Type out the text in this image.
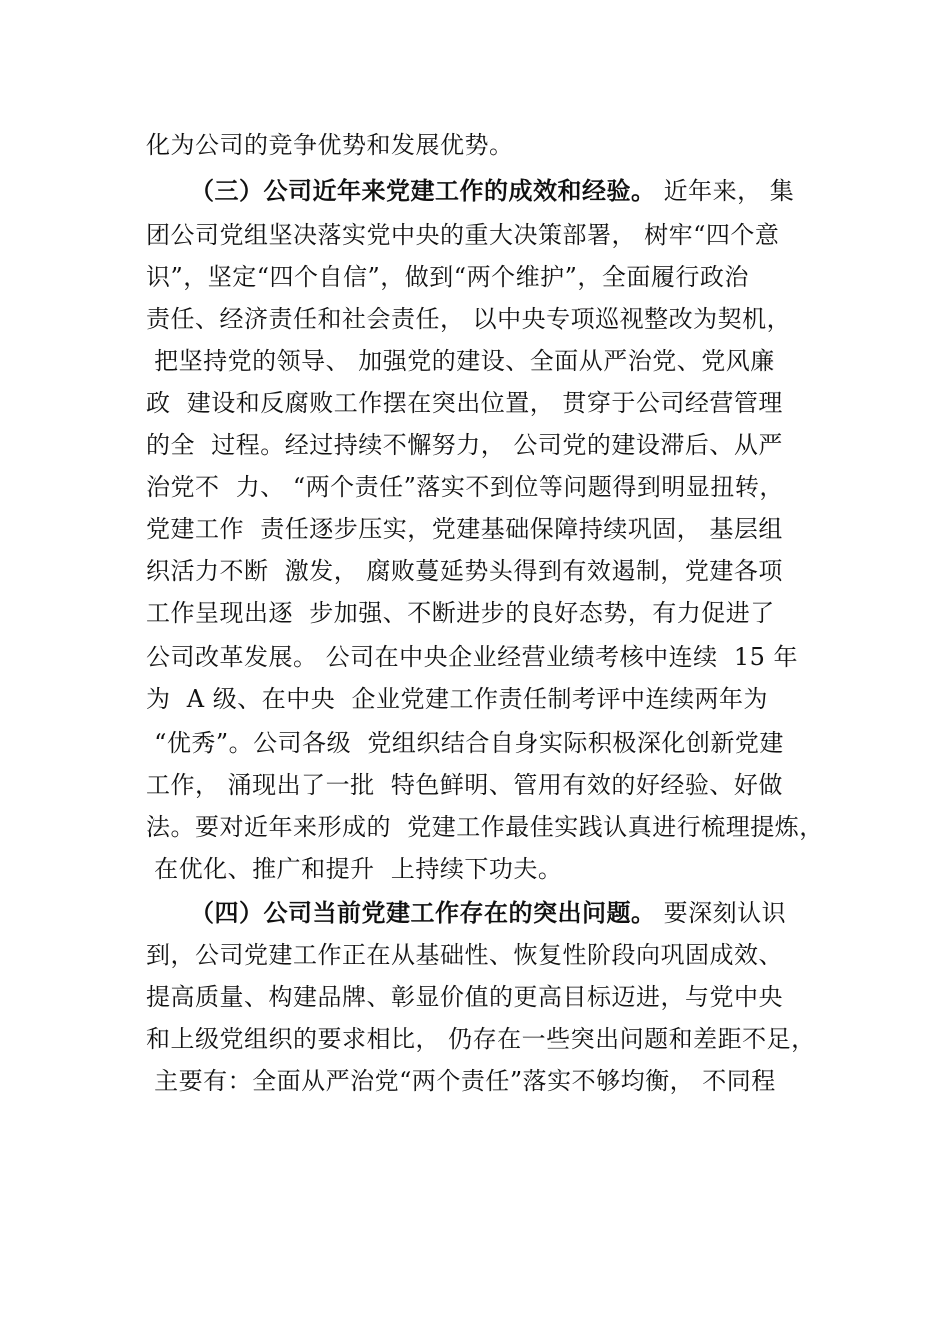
化为公司的竞争优势和发展优势。
（三）公司近年来党建工作的成效和经验。 近年来， 集
团公司党组坚决落实党中央的重大决策部署， 树牢“四个意
识”，坚定“四个自信”，做到“两个维护”，全面履行政治
责任、经济责任和社会责任， 以中央专项巡视整改为契机，
把坚持党的领导、 加强党的建设、全面从严治党、党风廉
政  建设和反腐败工作摆在突出位置， 贯穿于公司经营管理
的全  过程。经过持续不懈努力， 公司党的建设滞后、从严
治党不  力、 “两个责任”落实不到位等问题得到明显扭转，
党建工作  责任逐步压实，党建基础保障持续巩固， 基层组
织活力不断  激发， 腐败蔓延势头得到有效遏制，党建各项
工作呈现出逐  步加强、不断进步的良好态势，有力促进了
公司改革发展。 公司在中央企业经营业绩考核中连续  15 年
为  A 级、在中央  企业党建工作责任制考评中连续两年为
“优秀”。公司各级  党组织结合自身实际积极深化创新党建
工作， 涌现出了一批  特色鲜明、管用有效的好经验、好做
法。要对近年来形成的  党建工作最佳实践认真进行梳理提炼，
在优化、推广和提升  上持续下功夫。
（四）公司当前党建工作存在的突出问题。 要深刻认识
到，公司党建工作正在从基础性、恢复性阶段向巩固成效、
提高质量、构建品牌、彰显价值的更高目标迈进，与党中央
和上级党组织的要求相比， 仍存在一些突出问题和差距不足，
主要有：全面从严治党“两个责任”落实不够均衡， 不同程
